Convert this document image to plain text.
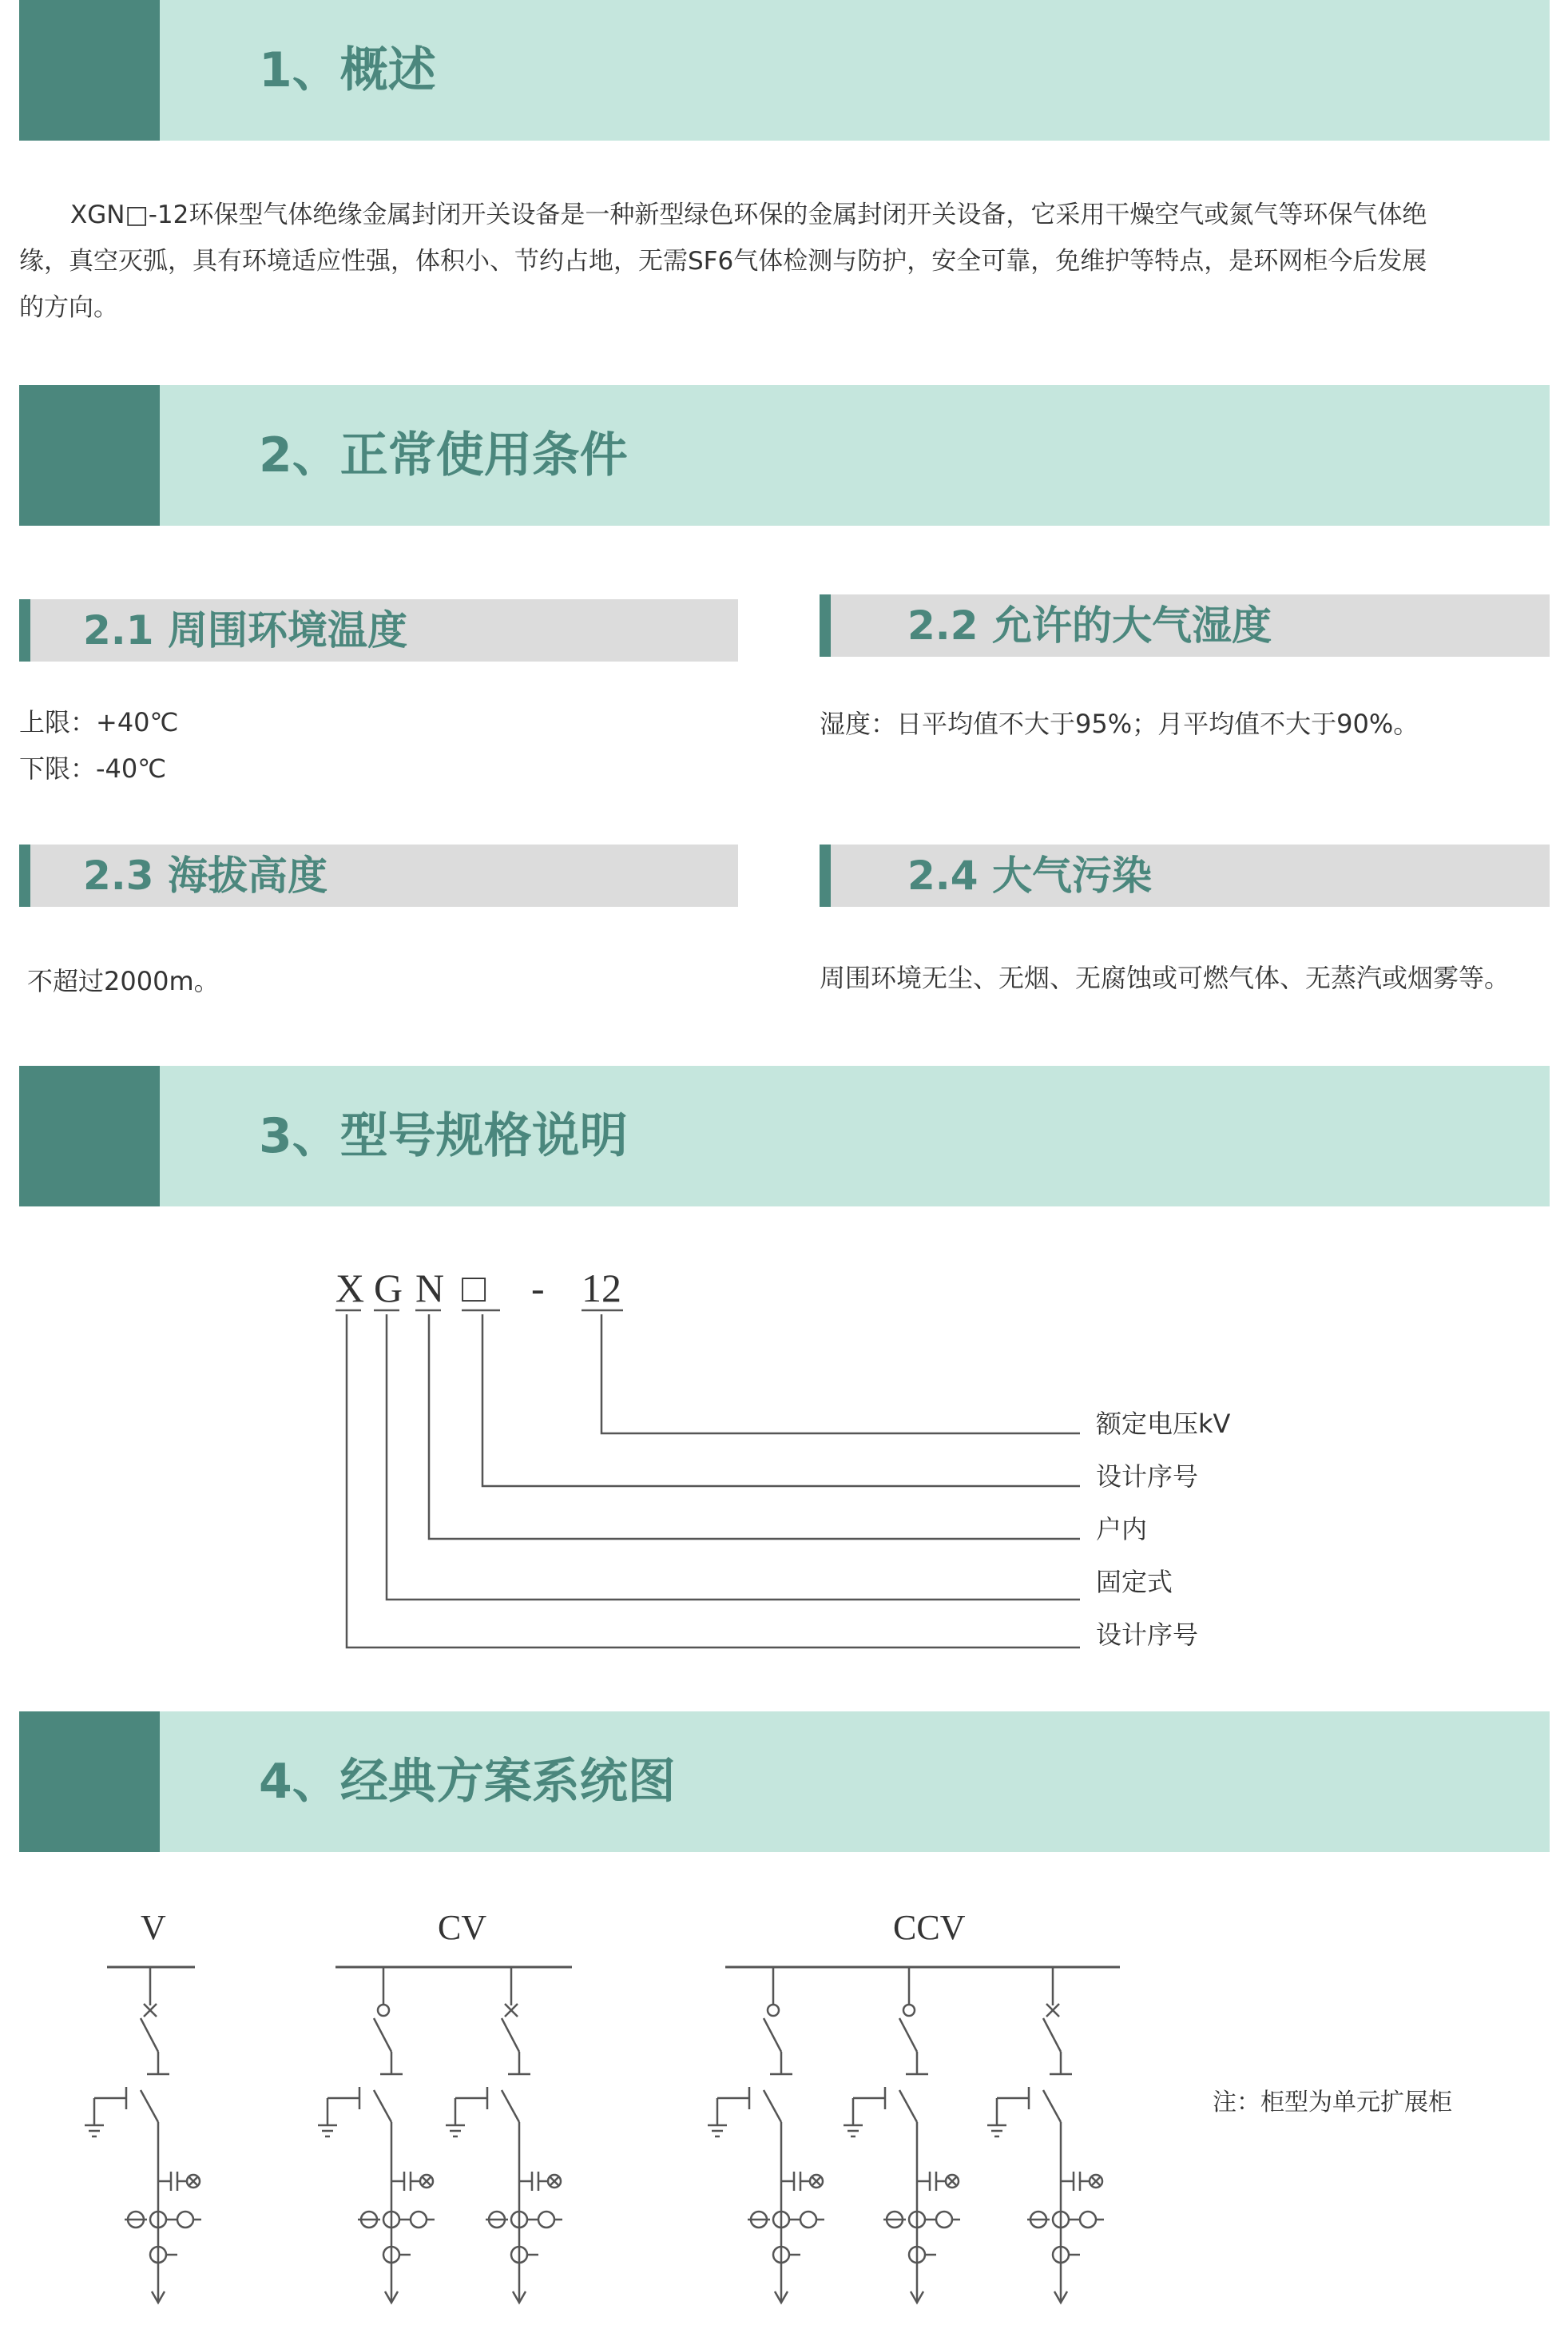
1、概述
XGN□-12环保型气体绝缘金属封闭开关设备是一种新型绿色环保的金属封闭开关设备，它采用干燥空气或氮气等环保气体绝
缘，真空灭弧，具有环境适应性强，体积小、节约占地，无需SF6气体检测与防护，安全可靠，免维护等特点，是环网柜今后发展
的方向。
2、正常使用条件
2.1 周围环境温度
上限：+40℃
下限：-40℃
2.2 允许的大气湿度
湿度：日平均值不大于95%；月平均值不大于90%。
2.3 海拔高度
不超过2000m。
2.4 大气污染
周围环境无尘、无烟、无腐蚀或可燃气体、无蒸汽或烟雾等。
3、型号规格说明
X G N □ - 12
额定电压kV
设计序号
户内
固定式
设计序号
4、经典方案系统图
V	CV	CCV
注：柜型为单元扩展柜
